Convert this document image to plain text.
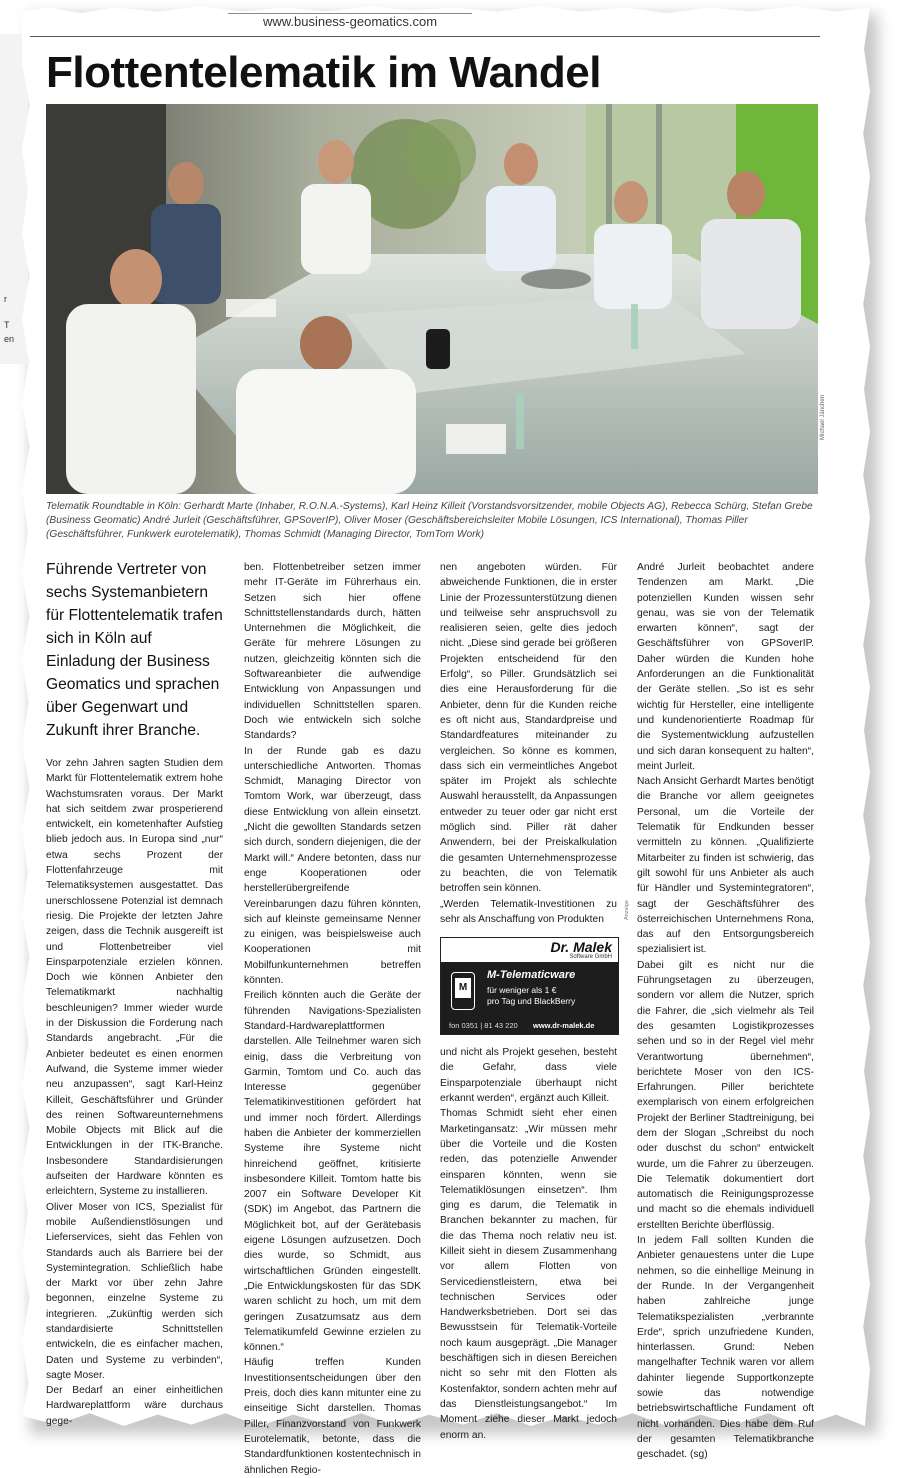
r
T
en
www.business-geomatics.com
Flottentelematik im Wandel
Michael Jänchen

Telematik Roundtable in Köln: Gerhardt Marte (Inhaber, R.O.N.A.-Systems), Karl Heinz Killeit (Vorstandsvorsitzender, mobile Objects AG), Rebecca Schürg, Stefan Grebe (Business Geomatic) André Jurleit (Geschäftsführer, GPSoverIP), Oliver Moser (Geschäftsbereichsleiter Mobile Lösungen, ICS International), Thomas Piller (Geschäftsführer, Funkwerk eurotelematik), Thomas Schmidt (Managing Director, TomTom Work)

Führende Vertreter von sechs Systemanbietern für Flottentelematik trafen sich in Köln auf Einladung der Business Geomatics und sprachen über Gegenwart und Zukunft ihrer Branche.

Vor zehn Jahren sagten Studien dem Markt für Flottentelematik extrem hohe Wachstumsraten voraus. Der Markt hat sich seitdem zwar prosperierend entwickelt, ein kometenhafter Aufstieg blieb jedoch aus. In Europa sind „nur“ etwa sechs Prozent der Flottenfahrzeuge mit Telematiksystemen ausgestattet. Das unerschlossene Potenzial ist demnach riesig. Die Projekte der letzten Jahre zeigen, dass die Technik ausgereift ist und Flottenbetreiber viel Einsparpotenziale erzielen können. Doch wie können Anbieter den Telematikmarkt nachhaltig beschleunigen? Immer wieder wurde in der Diskussion die Forderung nach Standards angebracht. „Für die Anbieter bedeutet es einen enormen Aufwand, die Systeme immer wieder neu anzupassen“, sagt Karl-Heinz Killeit, Geschäftsführer und Gründer des reinen Softwareunternehmens Mobile Objects mit Blick auf die Entwicklungen in der ITK-Branche. Insbesondere Standardisierungen aufseiten der Hardware könnten es erleichtern, Systeme zu installieren.

Oliver Moser von ICS, Spezialist für mobile Außendienstlösungen und Lieferservices, sieht das Fehlen von Standards auch als Barriere bei der Systemintegration. Schließlich habe der Markt vor über zehn Jahre begonnen, einzelne Systeme zu integrieren. „Zukünftig werden sich standardisierte Schnittstellen entwickeln, die es einfacher machen, Daten und Systeme zu verbinden“, sagte Moser.

Der Bedarf an einer einheitlichen Hardwareplattform wäre durchaus gege-

ben. Flottenbetreiber setzen immer mehr IT-Geräte im Führerhaus ein. Setzen sich hier offene Schnittstellenstandards durch, hätten Unternehmen die Möglichkeit, die Geräte für mehrere Lösungen zu nutzen, gleichzeitig könnten sich die Softwareanbieter die aufwendige Entwicklung von Anpassungen und individuellen Schnittstellen sparen. Doch wie entwickeln sich solche Standards?

In der Runde gab es dazu unterschiedliche Antworten. Thomas Schmidt, Managing Director von Tomtom Work, war überzeugt, dass diese Entwicklung von allein einsetzt. „Nicht die gewollten Standards setzen sich durch, sondern diejenigen, die der Markt will.“ Andere betonten, dass nur enge Kooperationen oder herstellerübergreifende Vereinbarungen dazu führen könnten, sich auf kleinste gemeinsame Nenner zu einigen, was beispielsweise auch Kooperationen mit Mobilfunkunternehmen betreffen könnten.

Freilich könnten auch die Geräte der führenden Navigations-Spezialisten Standard-Hardwareplattformen darstellen. Alle Teilnehmer waren sich einig, dass die Verbreitung von Garmin, Tomtom und Co. auch das Interesse gegenüber Telematikinvestitionen gefördert hat und immer noch fördert. Allerdings haben die Anbieter der kommerziellen Systeme ihre Systeme nicht hinreichend geöffnet, kritisierte insbesondere Killeit. Tomtom hatte bis 2007 ein Software Developer Kit (SDK) im Angebot, das Partnern die Möglichkeit bot, auf der Gerätebasis eigene Lösungen aufzusetzen. Doch dies wurde, so Schmidt, aus wirtschaftlichen Gründen eingestellt. „Die Entwicklungskosten für das SDK waren schlicht zu hoch, um mit dem geringen Zusatzumsatz aus dem Telematikumfeld Gewinne erzielen zu können.“

Häufig treffen Kunden Investitionsentscheidungen über den Preis, doch dies kann mitunter eine zu einseitige Sicht darstellen. Thomas Piller, Finanzvorstand von Funkwerk Eurotelematik, betonte, dass die Standardfunktionen kostentechnisch in ähnlichen Regio-

nen angeboten würden. Für abweichende Funktionen, die in erster Linie der Prozessunterstützung dienen und teilweise sehr anspruchsvoll zu realisieren seien, gelte dies jedoch nicht. „Diese sind gerade bei größeren Projekten entscheidend für den Erfolg“, so Piller. Grundsätzlich sei dies eine Herausforderung für die Anbieter, denn für die Kunden reiche es oft nicht aus, Standardpreise und Standardfeatures miteinander zu vergleichen. So könne es kommen, dass sich ein vermeintliches Angebot später im Projekt als schlechte Auswahl herausstellt, da Anpassungen entweder zu teuer oder gar nicht erst möglich sind. Piller rät daher Anwendern, bei der Preiskalkulation die gesamten Unternehmensprozesse zu beachten, die von Telematik betroffen sein können.

„Werden Telematik-Investitionen zu sehr als Anschaffung von Produkten

Dr. Malek
Software GmbH
M
M-Telematicware
für weniger als 1 €
pro Tag und BlackBerry
fon 0351 | 81 43 220 www.dr-malek.de

und nicht als Projekt gesehen, besteht die Gefahr, dass viele Einsparpotenziale überhaupt nicht erkannt werden“, ergänzt auch Killeit.

Thomas Schmidt sieht eher einen Marketingansatz: „Wir müssen mehr über die Vorteile und die Kosten reden, das potenzielle Anwender einsparen könnten, wenn sie Telematiklösungen einsetzen“. Ihm ging es darum, die Telematik in Branchen bekannter zu machen, für die das Thema noch relativ neu ist. Killeit sieht in diesem Zusammenhang vor allem Flotten von Servicedienstleistern, etwa bei technischen Services oder Handwerksbetrieben. Dort sei das Bewusstsein für Telematik-Vorteile noch kaum ausgeprägt. „Die Manager beschäftigen sich in diesen Bereichen nicht so sehr mit den Flotten als Kostenfaktor, sondern achten mehr auf das Dienstleistungsangebot.“ Im Moment ziehe dieser Markt jedoch enorm an.

Anzeige

André Jurleit beobachtet andere Tendenzen am Markt. „Die potenziellen Kunden wissen sehr genau, was sie von der Telematik erwarten können“, sagt der Geschäftsführer von GPSoverIP. Daher würden die Kunden hohe Anforderungen an die Funktionalität der Geräte stellen. „So ist es sehr wichtig für Hersteller, eine intelligente und kundenorientierte Roadmap für die Systementwicklung aufzustellen und sich daran konsequent zu halten“, meint Jurleit.

Nach Ansicht Gerhardt Martes benötigt die Branche vor allem geeignetes Personal, um die Vorteile der Telematik für Endkunden besser vermitteln zu können. „Qualifizierte Mitarbeiter zu finden ist schwierig, das gilt sowohl für uns Anbieter als auch für Händler und Systemintegratoren“, sagt der Geschäftsführer des österreichischen Unternehmens Rona, das auf den Entsorgungsbereich spezialisiert ist.

Dabei gilt es nicht nur die Führungsetagen zu überzeugen, sondern vor allem die Nutzer, sprich die Fahrer, die „sich vielmehr als Teil des gesamten Logistikprozesses sehen und so in der Regel viel mehr Verantwortung übernehmen“, berichtete Moser von den ICS-Erfahrungen. Piller berichtete exemplarisch von einem erfolgreichen Projekt der Berliner Stadtreinigung, bei dem der Slogan „Schreibst du noch oder duschst du schon“ entwickelt wurde, um die Fahrer zu überzeugen. Die Telematik dokumentiert dort automatisch die Reinigungsprozesse und macht so die ehemals individuell erstellten Berichte überflüssig.

In jedem Fall sollten Kunden die Anbieter genauestens unter die Lupe nehmen, so die einhellige Meinung in der Runde. In der Vergangenheit haben zahlreiche junge Telematikspezialisten „verbrannte Erde“, sprich unzufriedene Kunden, hinterlassen. Grund: Neben mangelhafter Technik waren vor allem dahinter liegende Supportkonzepte sowie das notwendige betriebswirtschaftliche Fundament oft nicht vorhanden. Dies habe dem Ruf der gesamten Telematikbranche geschadet. (sg)
